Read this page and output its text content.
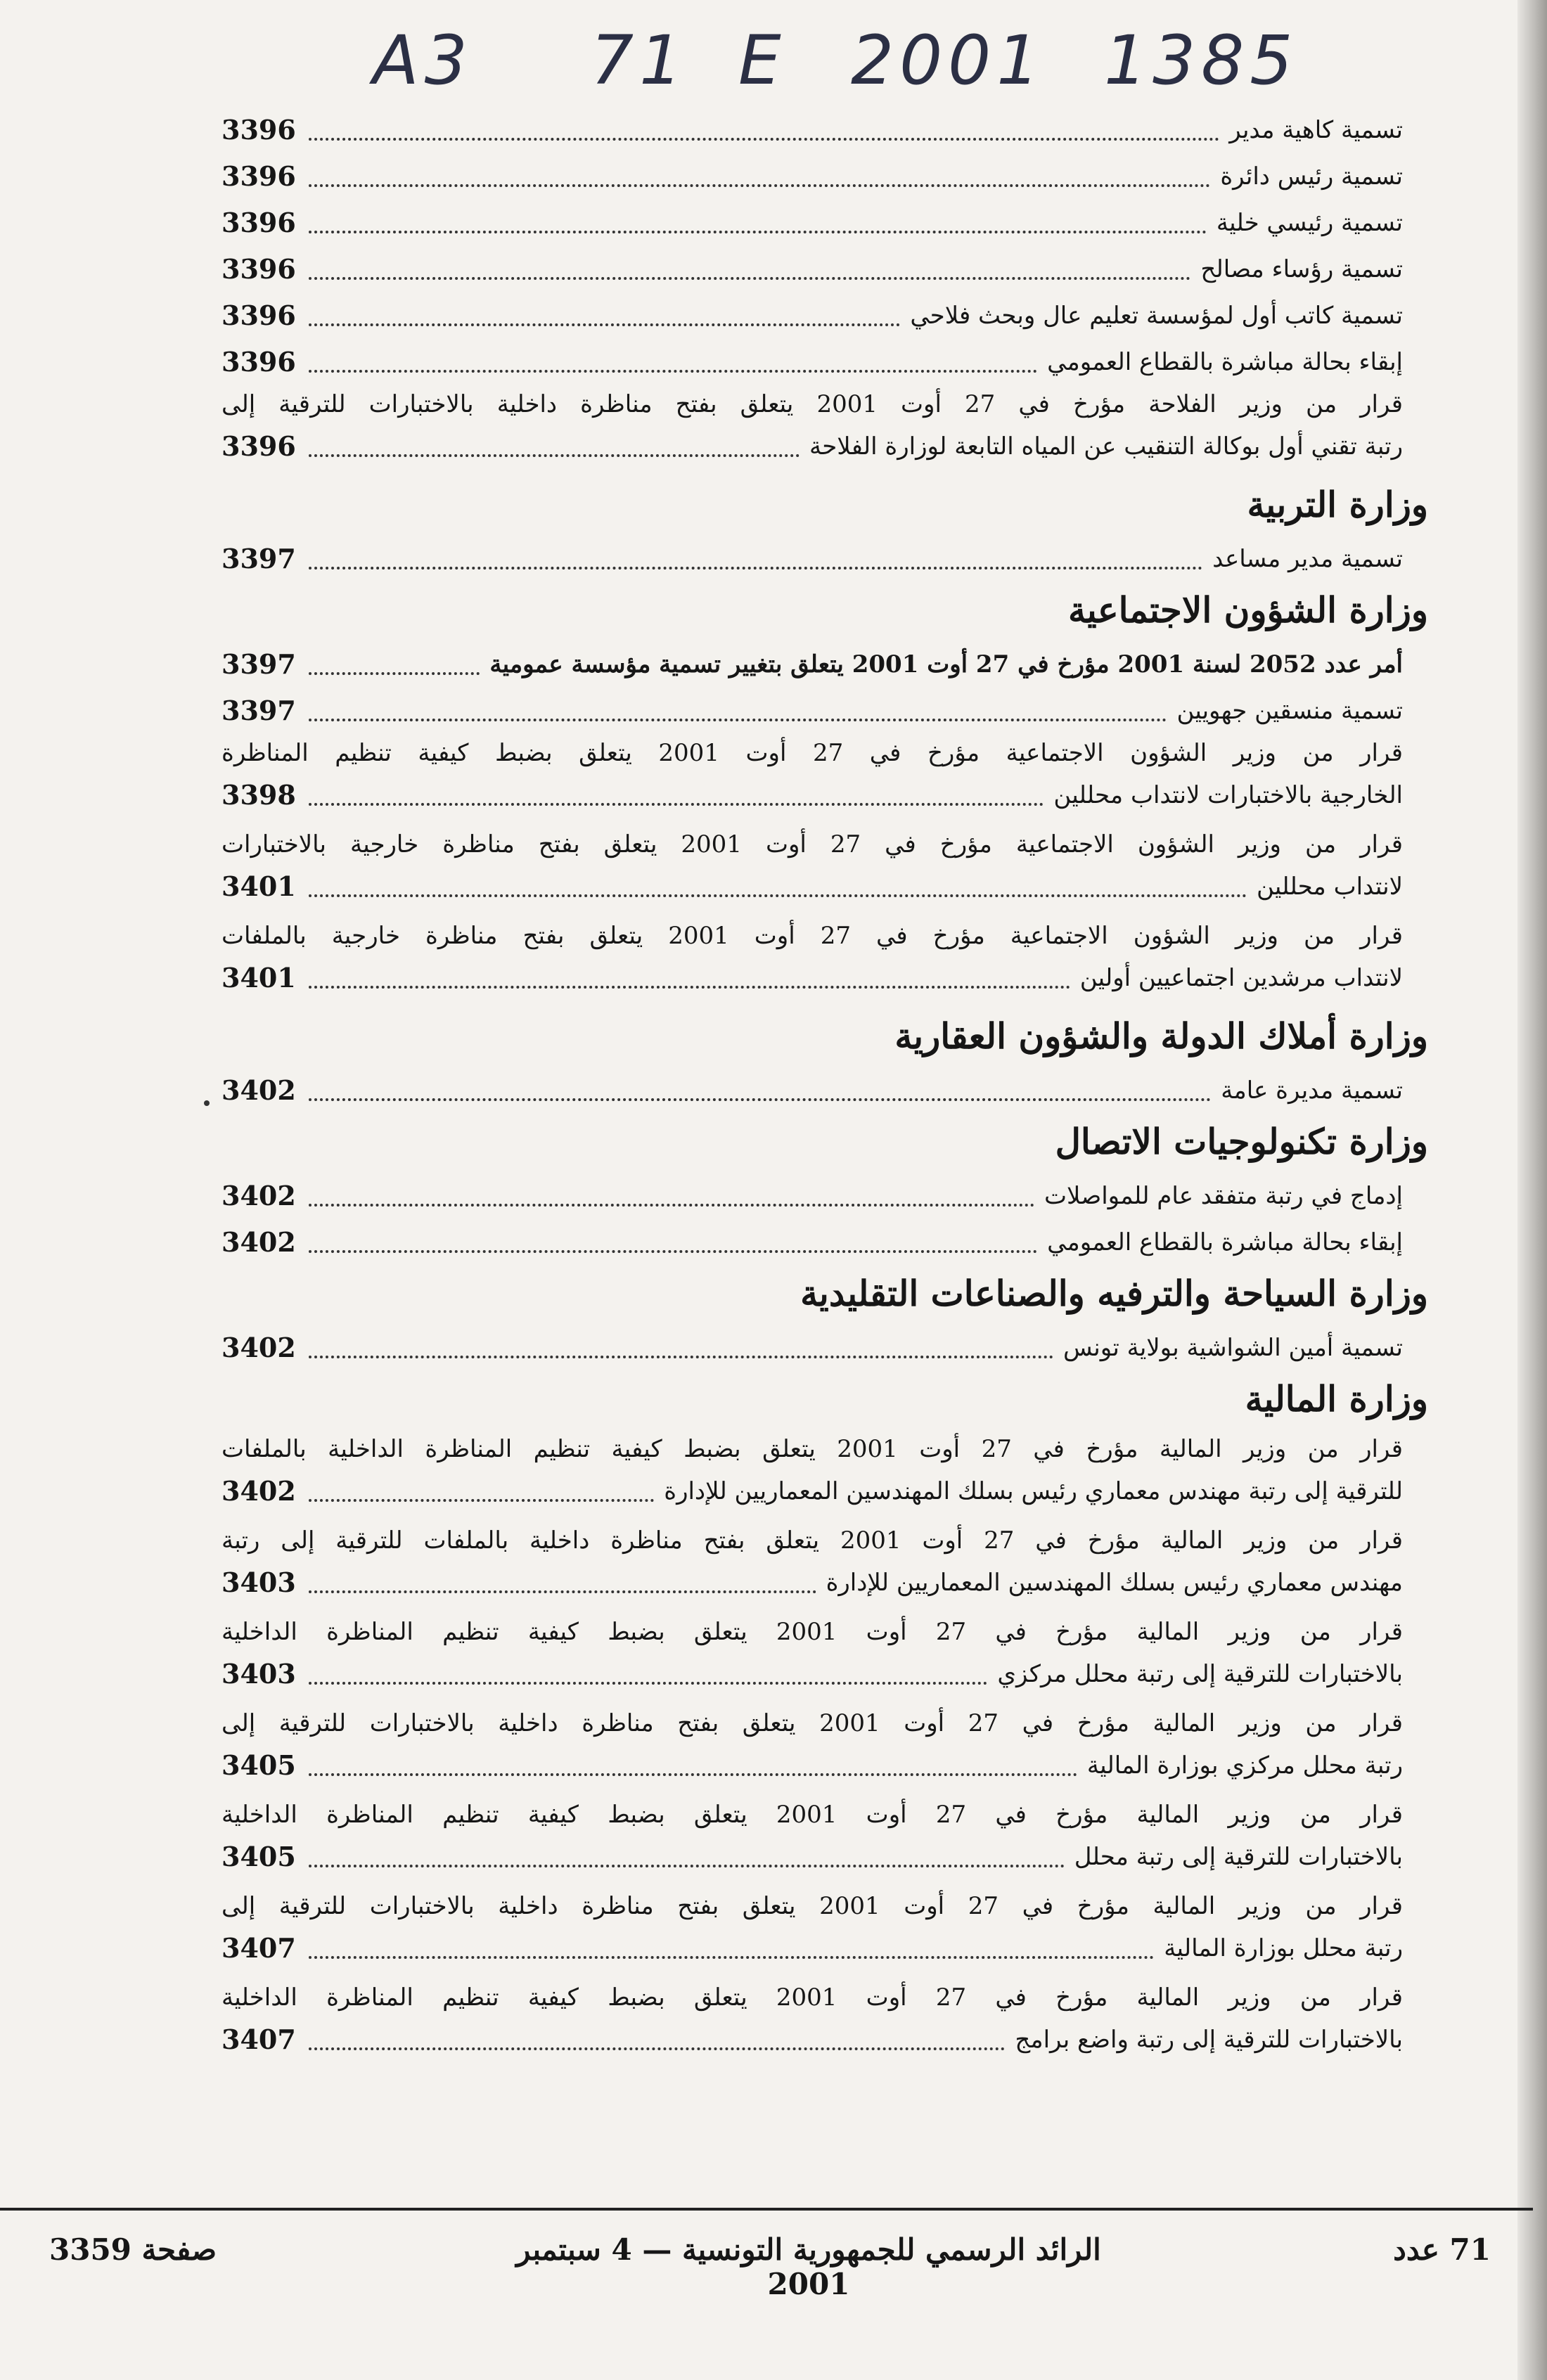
A3 71 E 2001 1385
تسمية كاهية مدير
3396
تسمية رئيس دائرة
3396
تسمية رئيسي خلية
3396
تسمية رؤساء مصالح
3396
تسمية كاتب أول لمؤسسة تعليم عال وبحث فلاحي
3396
إبقاء بحالة مباشرة بالقطاع العمومي
3396
قرار من وزير الفلاحة مؤرخ في 27 أوت 2001 يتعلق بفتح مناظرة داخلية بالاختبارات للترقية إلى
رتبة تقني أول بوكالة التنقيب عن المياه التابعة لوزارة الفلاحة
3396
وزارة التربية
تسمية مدير مساعد
3397
وزارة الشؤون الاجتماعية
أمر عدد 2052 لسنة 2001 مؤرخ في 27 أوت 2001 يتعلق بتغيير تسمية مؤسسة عمومية
3397
تسمية منسقين جهويين
3397
قرار من وزير الشؤون الاجتماعية مؤرخ في 27 أوت 2001 يتعلق بضبط كيفية تنظيم المناظرة
الخارجية بالاختبارات لانتداب محللين
3398
قرار من وزير الشؤون الاجتماعية مؤرخ في 27 أوت 2001 يتعلق بفتح مناظرة خارجية بالاختبارات
لانتداب محللين
3401
قرار من وزير الشؤون الاجتماعية مؤرخ في 27 أوت 2001 يتعلق بفتح مناظرة خارجية بالملفات
لانتداب مرشدين اجتماعيين أولين
3401
وزارة أملاك الدولة والشؤون العقارية
تسمية مديرة عامة
3402
وزارة تكنولوجيات الاتصال
إدماج في رتبة متفقد عام للمواصلات
3402
إبقاء بحالة مباشرة بالقطاع العمومي
3402
وزارة السياحة والترفيه والصناعات التقليدية
تسمية أمين الشواشية بولاية تونس
3402
وزارة المالية
قرار من وزير المالية مؤرخ في 27 أوت 2001 يتعلق بضبط كيفية تنظيم المناظرة الداخلية بالملفات
للترقية إلى رتبة مهندس معماري رئيس بسلك المهندسين المعماريين للإدارة
3402
قرار من وزير المالية مؤرخ في 27 أوت 2001 يتعلق بفتح مناظرة داخلية بالملفات للترقية إلى رتبة
مهندس معماري رئيس بسلك المهندسين المعماريين للإدارة
3403
قرار من وزير المالية مؤرخ في 27 أوت 2001 يتعلق بضبط كيفية تنظيم المناظرة الداخلية
بالاختبارات للترقية إلى رتبة محلل مركزي
3403
قرار من وزير المالية مؤرخ في 27 أوت 2001 يتعلق بفتح مناظرة داخلية بالاختبارات للترقية إلى
رتبة محلل مركزي بوزارة المالية
3405
قرار من وزير المالية مؤرخ في 27 أوت 2001 يتعلق بضبط كيفية تنظيم المناظرة الداخلية
بالاختبارات للترقية إلى رتبة محلل
3405
قرار من وزير المالية مؤرخ في 27 أوت 2001 يتعلق بفتح مناظرة داخلية بالاختبارات للترقية إلى
رتبة محلل بوزارة المالية
3407
قرار من وزير المالية مؤرخ في 27 أوت 2001 يتعلق بضبط كيفية تنظيم المناظرة الداخلية
بالاختبارات للترقية إلى رتبة واضع برامج
3407
صفحة 3359	الرائد الرسمي للجمهورية التونسية — 4 سبتمبر 2001
71 عدد
